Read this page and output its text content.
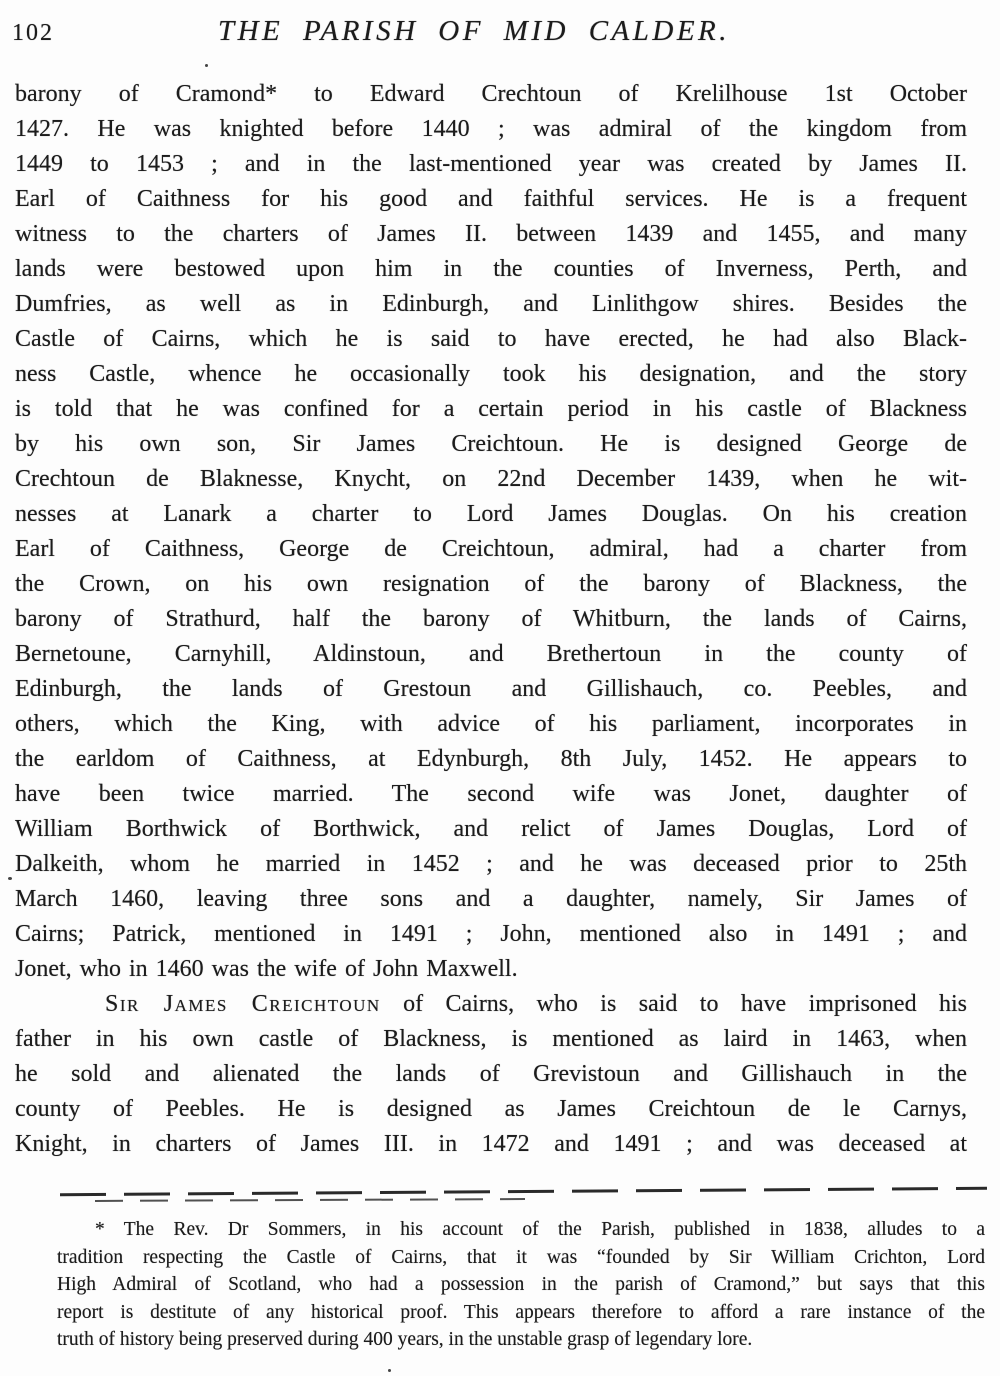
102	THE PARISH OF MID CALDER.
barony of Cramond* to Edward Crechtoun of Krelilhouse 1st October
1427. He was knighted before 1440 ; was admiral of the kingdom from
1449 to 1453 ; and in the last-mentioned year was created by James II.
Earl of Caithness for his good and faithful services. He is a frequent
witness to the charters of James II. between 1439 and 1455, and many
lands were bestowed upon him in the counties of Inverness, Perth, and
Dumfries, as well as in Edinburgh, and Linlithgow shires. Besides the
Castle of Cairns, which he is said to have erected, he had also Black-
ness Castle, whence he occasionally took his designation, and the story
is told that he was confined for a certain period in his castle of Blackness
by his own son, Sir James Creichtoun. He is designed George de
Crechtoun de Blaknesse, Knycht, on 22nd December 1439, when he wit-
nesses at Lanark a charter to Lord James Douglas. On his creation
Earl of Caithness, George de Creichtoun, admiral, had a charter from
the Crown, on his own resignation of the barony of Blackness, the
barony of Strathurd, half the barony of Whitburn, the lands of Cairns,
Bernetoune, Carnyhill, Aldinstoun, and Brethertoun in the county of
Edinburgh, the lands of Grestoun and Gillishauch, co. Peebles, and
others, which the King, with advice of his parliament, incorporates in
the earldom of Caithness, at Edynburgh, 8th July, 1452. He appears to
have been twice married. The second wife was Jonet, daughter of
William Borthwick of Borthwick, and relict of James Douglas, Lord of
Dalkeith, whom he married in 1452 ; and he was deceased prior to 25th
March 1460, leaving three sons and a daughter, namely, Sir James of
Cairns; Patrick, mentioned in 1491 ; John, mentioned also in 1491 ; and
Jonet, who in 1460 was the wife of John Maxwell.
Sir James Creichtoun of Cairns, who is said to have imprisoned his
father in his own castle of Blackness, is mentioned as laird in 1463, when
he sold and alienated the lands of Grevistoun and Gillishauch in the
county of Peebles. He is designed as James Creichtoun de le Carnys,
Knight, in charters of James III. in 1472 and 1491 ; and was deceased at
* The Rev. Dr Sommers, in his account of the Parish, published in 1838, alludes to a
tradition respecting the Castle of Cairns, that it was “founded by Sir William Crichton, Lord
High Admiral of Scotland, who had a possession in the parish of Cramond,” but says that this
report is destitute of any historical proof. This appears therefore to afford a rare instance of the
truth of history being preserved during 400 years, in the unstable grasp of legendary lore.
